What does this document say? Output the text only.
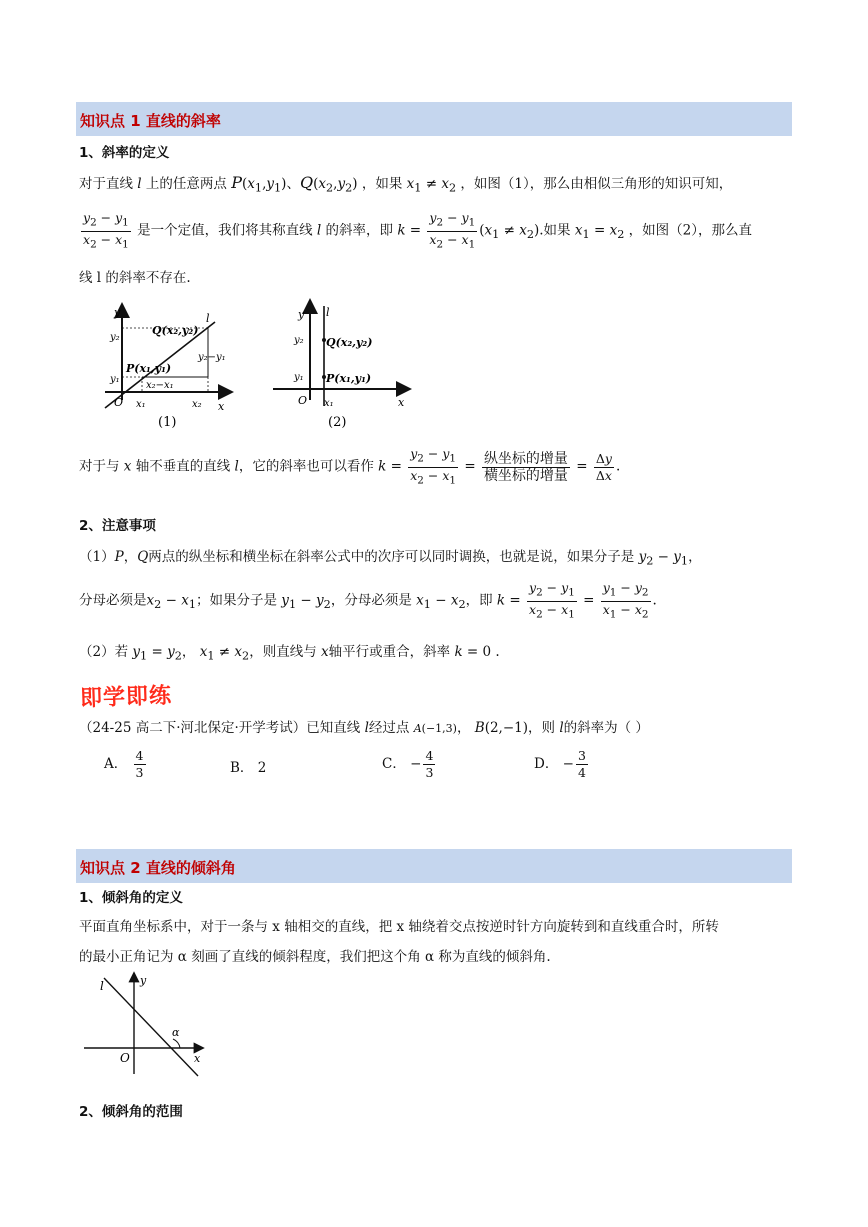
知识点 1 直线的斜率
1、斜率的定义
对于直线 l 上的任意两点 $P(x_1,y_1)$、$Q(x_2,y_2)$ ，如果 $x_1 \ne x_2$ ，如图（1），那么由相似三角形的知识可知，
$\frac{y_2 - y_1}{x_2 - x_1}$ 是一个定值，我们将其称直线 l 的斜率，即 $k = \frac{y_2 - y_1}{x_2 - x_1} (x_1 \ne x_2)$.如果 $x_1 = x_2$ ，如图（2），那么直
线 l 的斜率不存在.
y
y₂
y₁
O x₁	x₂ x
l
Q(x₂,y₂)
P(x₁,y₁)
y₂−y₁
x₂−x₁
(1)
y
y₂
y₁
O x₁	x
l
Q(x₂,y₂)
P(x₁,y₁)
(2)
对于与 x 轴不垂直的直线 l，它的斜率也可以看作 $k = \frac{y_2 - y_1}{x_2 - x_1} = \frac{\text{纵坐标的增量}}{\text{横坐标的增量}} = \frac{\Delta y}{\Delta x}$ .
2、注意事项
（1）P，Q两点的纵坐标和横坐标在斜率公式中的次序可以同时调换，也就是说，如果分子是 $y_2 - y_1$，
分母必须是$x_2 - x_1$；如果分子是 $y_1 - y_2$，分母必须是 $x_1 - x_2$，即 $k = \frac{y_2 - y_1}{x_2 - x_1} = \frac{y_1 - y_2}{x_1 - x_2}$ .
（2）若 $y_1 = y_2$， $x_1 \ne x_2$，则直线与 x轴平行或重合，斜率 k = 0 .
即学即练
（24-25 高二下·河北保定·开学考试）已知直线 l经过点 A(−1,3)， B(2,−1)，则 l的斜率为（ ）
A． $\frac{4}{3}$	B． 2	C． − $\frac{4}{3}$	D． − $\frac{3}{4}$
知识点 2 直线的倾斜角
1、倾斜角的定义
平面直角坐标系中，对于一条与 x 轴相交的直线，把 x 轴绕着交点按逆时针方向旋转到和直线重合时，所转
的最小正角记为 α 刻画了直线的倾斜程度，我们把这个角 α 称为直线的倾斜角.
y
l
O	x
α
2、倾斜角的范围
